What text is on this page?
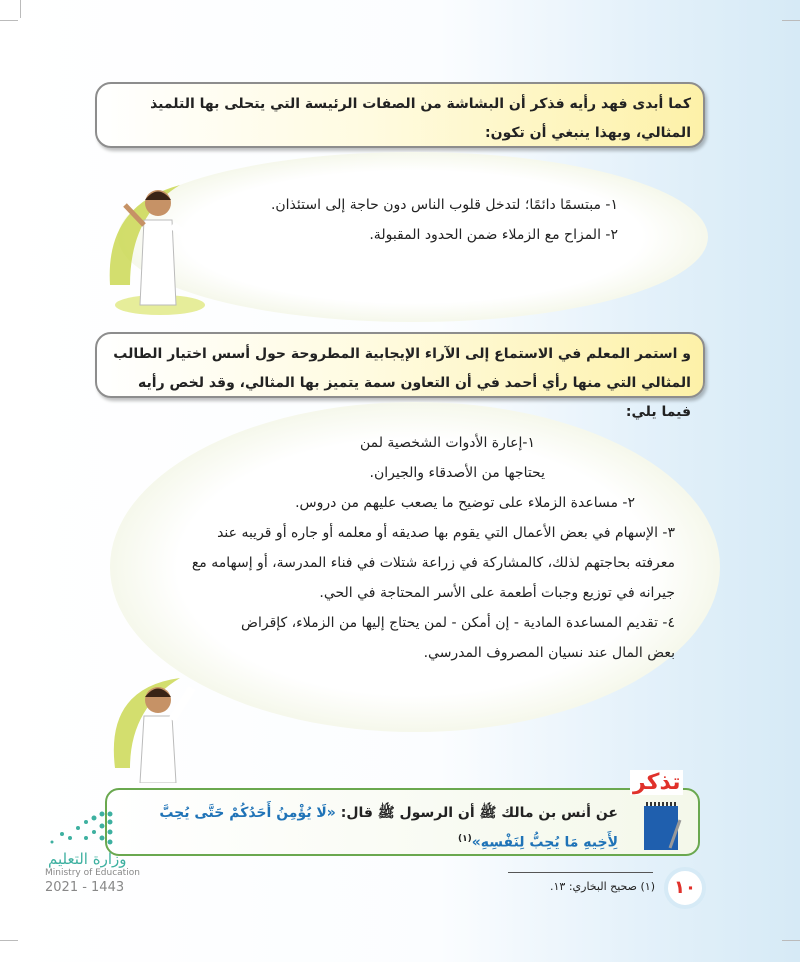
كما أبدى فهد رأيه فذكر أن البشاشة من الصفات الرئيسة التي يتحلى بها التلميذ المثالي، وبهذا ينبغي أن تكون:
١- مبتسمًا دائمًا؛ لتدخل قلوب الناس دون حاجة إلى استئذان.
٢- المزاح مع الزملاء ضمن الحدود المقبولة.
و استمر المعلم في الاستماع إلى الآراء الإيجابية المطروحة حول أسس اختيار الطالب المثالي التي منها رأي أحمد في أن التعاون سمة يتميز بها المثالي، وقد لخص رأيه فيما يلي:
١-إعارة الأدوات الشخصية لمن
يحتاجها من الأصدقاء والجيران.
٢- مساعدة الزملاء على توضيح ما يصعب عليهم من دروس.
٣- الإسهام في بعض الأعمال التي يقوم بها صديقه أو معلمه أو جاره أو قريبه عند
معرفته بحاجتهم لذلك، كالمشاركة في زراعة شتلات في فناء المدرسة، أو إسهامه مع
جيرانه في توزيع وجبات أطعمة على الأسر المحتاجة في الحي.
٤- تقديم المساعدة المادية - إن أمكن - لمن يحتاج إليها من الزملاء، كإقراض
بعض المال عند نسيان المصروف المدرسي.
عن أنس بن مالك ﷺ أن الرسول ﷺ قال: «لَا يُؤْمِنُ أَحَدُكُمْ حَتَّى يُحِبَّ لِأَخِيهِ مَا يُحِبُّ لِنَفْسِهِ»$^{(١)}$
تذكر
وزارة التعليم
Ministry of Education
2021 - 1443	(١) صحيح البخاري: ١٣.	١٠
